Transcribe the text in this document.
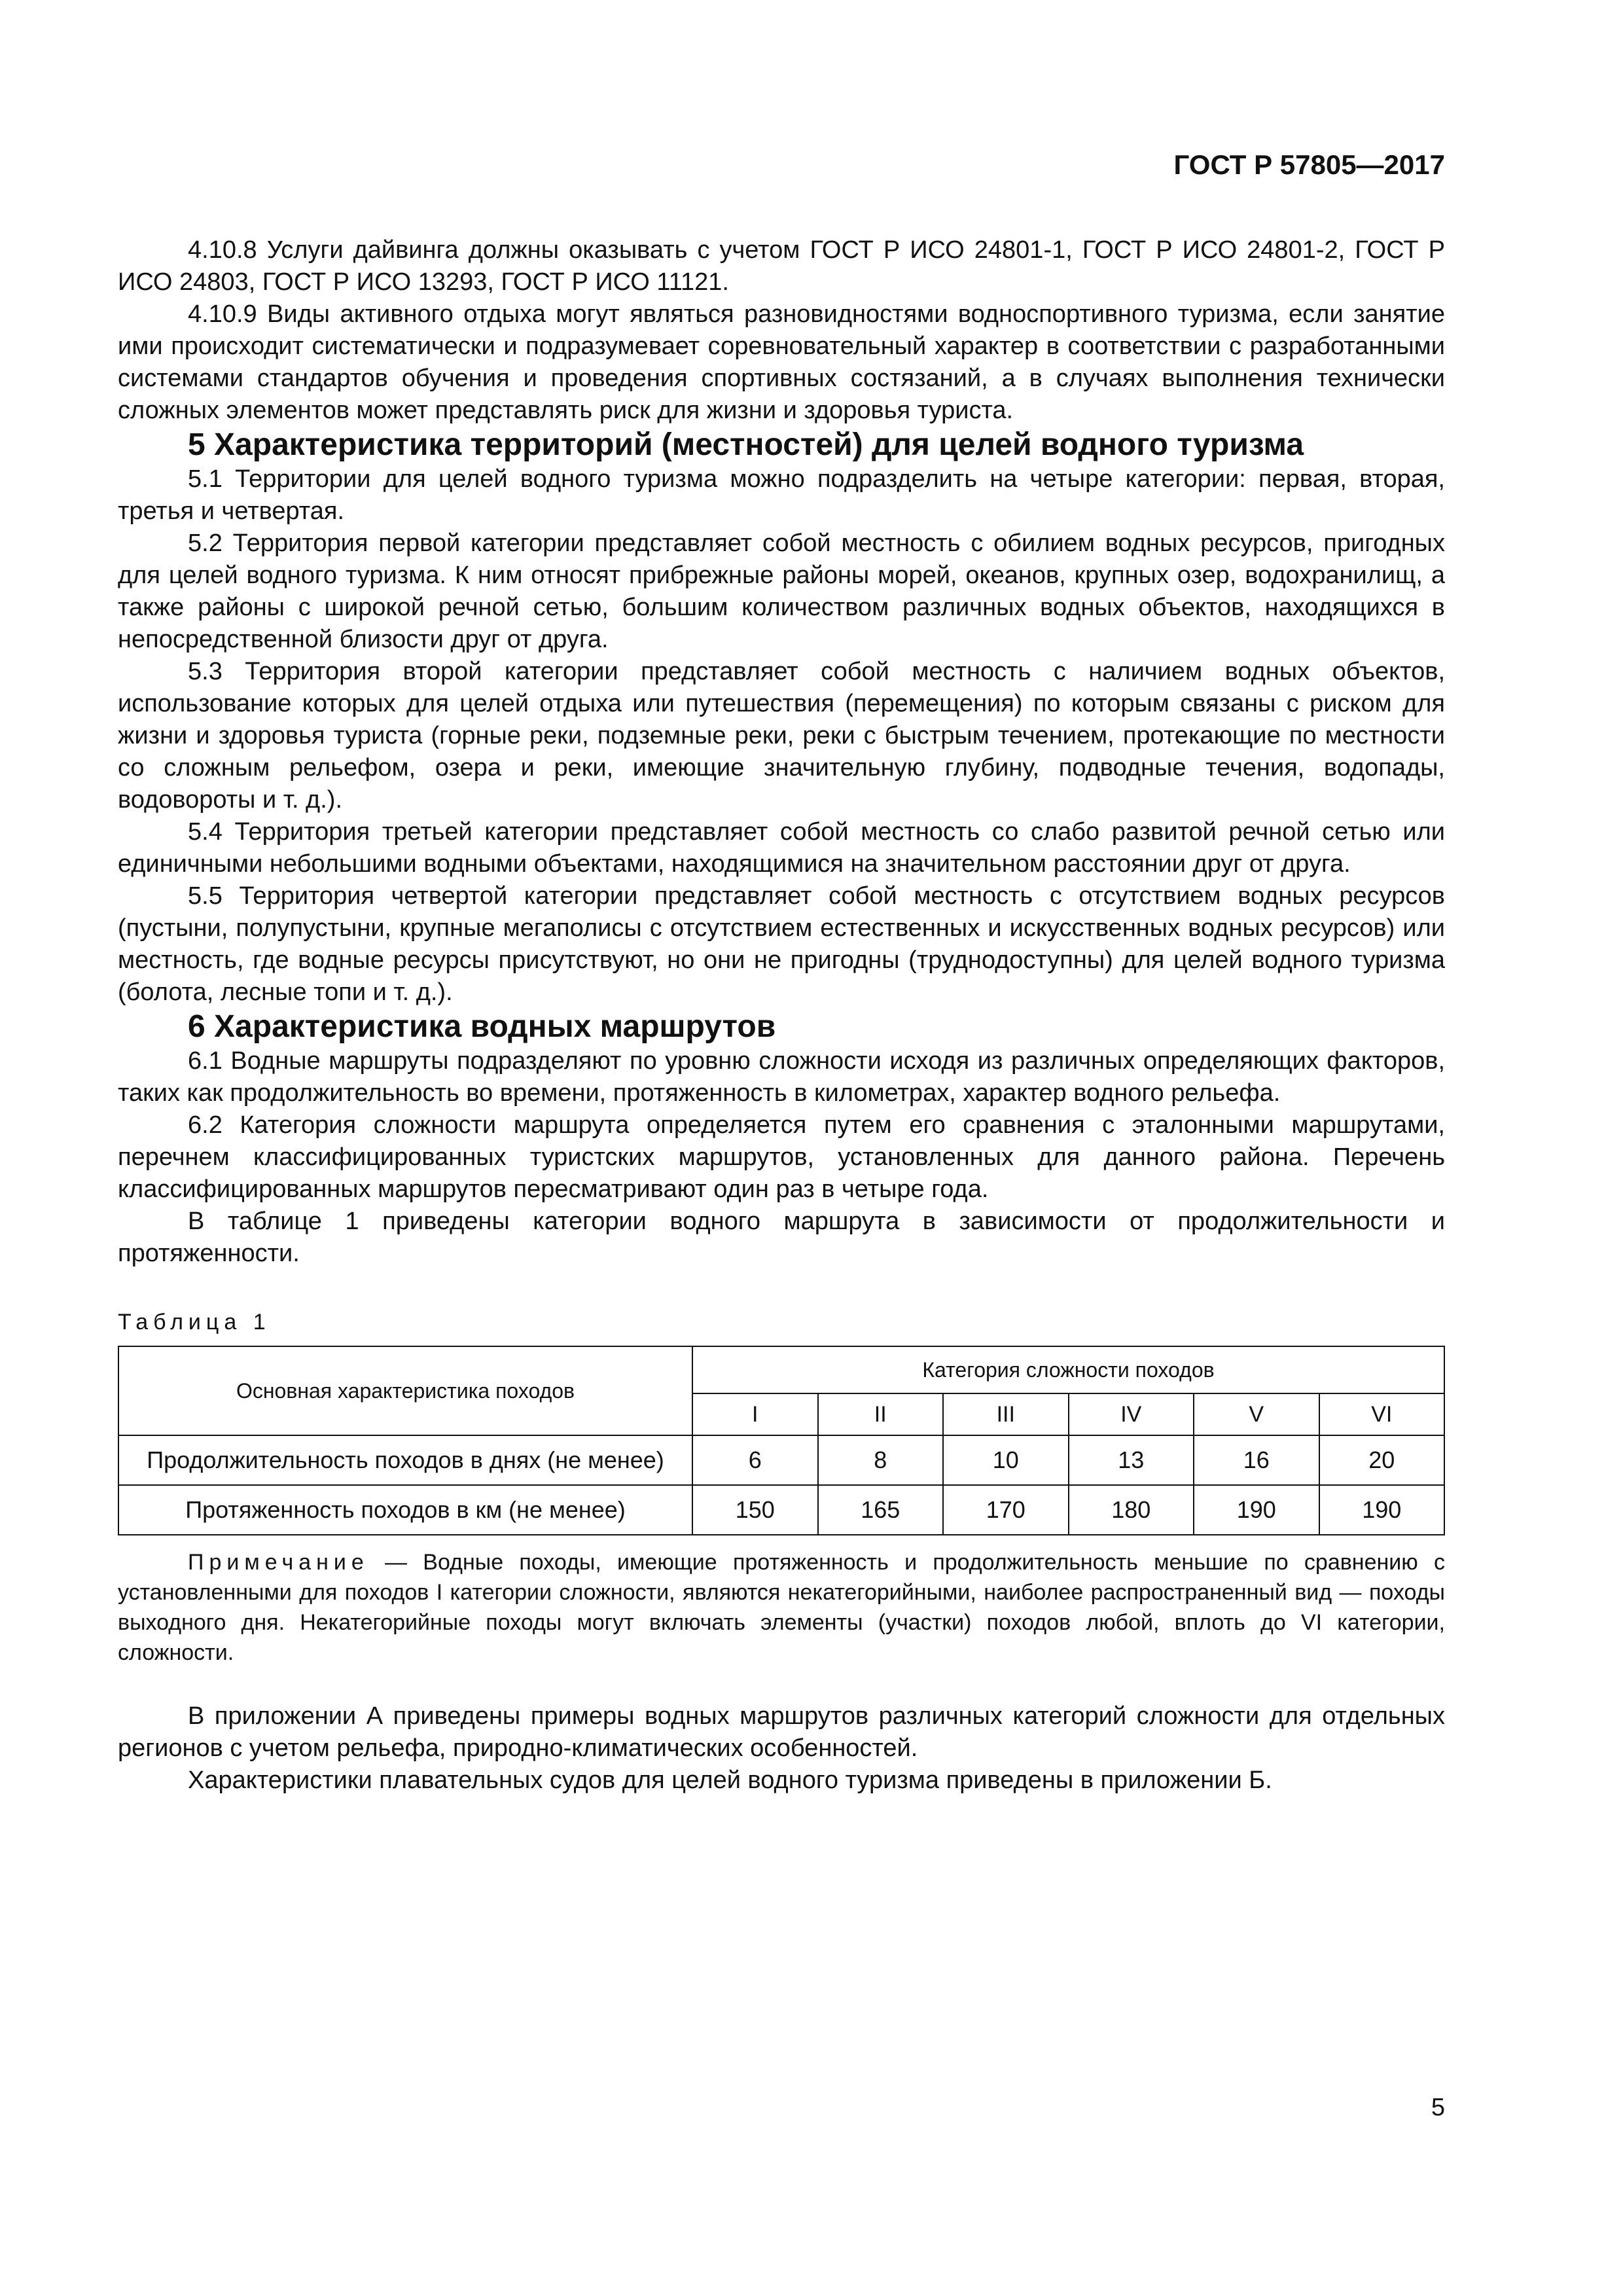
ГОСТ Р 57805—2017

4.10.8 Услуги дайвинга должны оказывать с учетом ГОСТ Р ИСО 24801-1, ГОСТ Р ИСО 24801-2, ГОСТ Р ИСО 24803, ГОСТ Р ИСО 13293, ГОСТ Р ИСО 11121.

4.10.9 Виды активного отдыха могут являться разновидностями водноспортивного туризма, если занятие ими происходит систематически и подразумевает соревновательный характер в соответствии с разработанными системами стандартов обучения и проведения спортивных состязаний, а в случаях выполнения технически сложных элементов может представлять риск для жизни и здоровья туриста.

5 Характеристика территорий (местностей) для целей водного туризма

5.1 Территории для целей водного туризма можно подразделить на четыре категории: первая, вторая, третья и четвертая.

5.2 Территория первой категории представляет собой местность с обилием водных ресурсов, пригодных для целей водного туризма. К ним относят прибрежные районы морей, океанов, крупных озер, водохранилищ, а также районы с широкой речной сетью, большим количеством различных водных объектов, находящихся в непосредственной близости друг от друга.

5.3 Территория второй категории представляет собой местность с наличием водных объектов, использование которых для целей отдыха или путешествия (перемещения) по которым связаны с риском для жизни и здоровья туриста (горные реки, подземные реки, реки с быстрым течением, протекающие по местности со сложным рельефом, озера и реки, имеющие значительную глубину, подводные течения, водопады, водовороты и т. д.).

5.4 Территория третьей категории представляет собой местность со слабо развитой речной сетью или единичными небольшими водными объектами, находящимися на значительном расстоянии друг от друга.

5.5 Территория четвертой категории представляет собой местность с отсутствием водных ресурсов (пустыни, полупустыни, крупные мегаполисы с отсутствием естественных и искусственных водных ресурсов) или местность, где водные ресурсы присутствуют, но они не пригодны (труднодоступны) для целей водного туризма (болота, лесные топи и т. д.).

6 Характеристика водных маршрутов

6.1 Водные маршруты подразделяют по уровню сложности исходя из различных определяющих факторов, таких как продолжительность во времени, протяженность в километрах, характер водного рельефа.

6.2 Категория сложности маршрута определяется путем его сравнения с эталонными маршрутами, перечнем классифицированных туристских маршрутов, установленных для данного района. Перечень классифицированных маршрутов пересматривают один раз в четыре года.

В таблице 1 приведены категории водного маршрута в зависимости от продолжительности и протяженности.

Таблица 1
Основная характеристика походов	Категория сложности походов					
	I	II	III	IV	V	VI
Продолжительность походов в днях (не менее)	6	8	10	13	16	20
Протяженность походов в км (не менее)	150	165	170	180	190	190

Примечание — Водные походы, имеющие протяженность и продолжительность меньшие по сравнению с установленными для походов I категории сложности, являются некатегорийными, наиболее распространенный вид — походы выходного дня. Некатегорийные походы могут включать элементы (участки) походов любой, вплоть до VI категории, сложности.

В приложении А приведены примеры водных маршрутов различных категорий сложности для отдельных регионов с учетом рельефа, природно-климатических особенностей.

Характеристики плавательных судов для целей водного туризма приведены в приложении Б.

5
